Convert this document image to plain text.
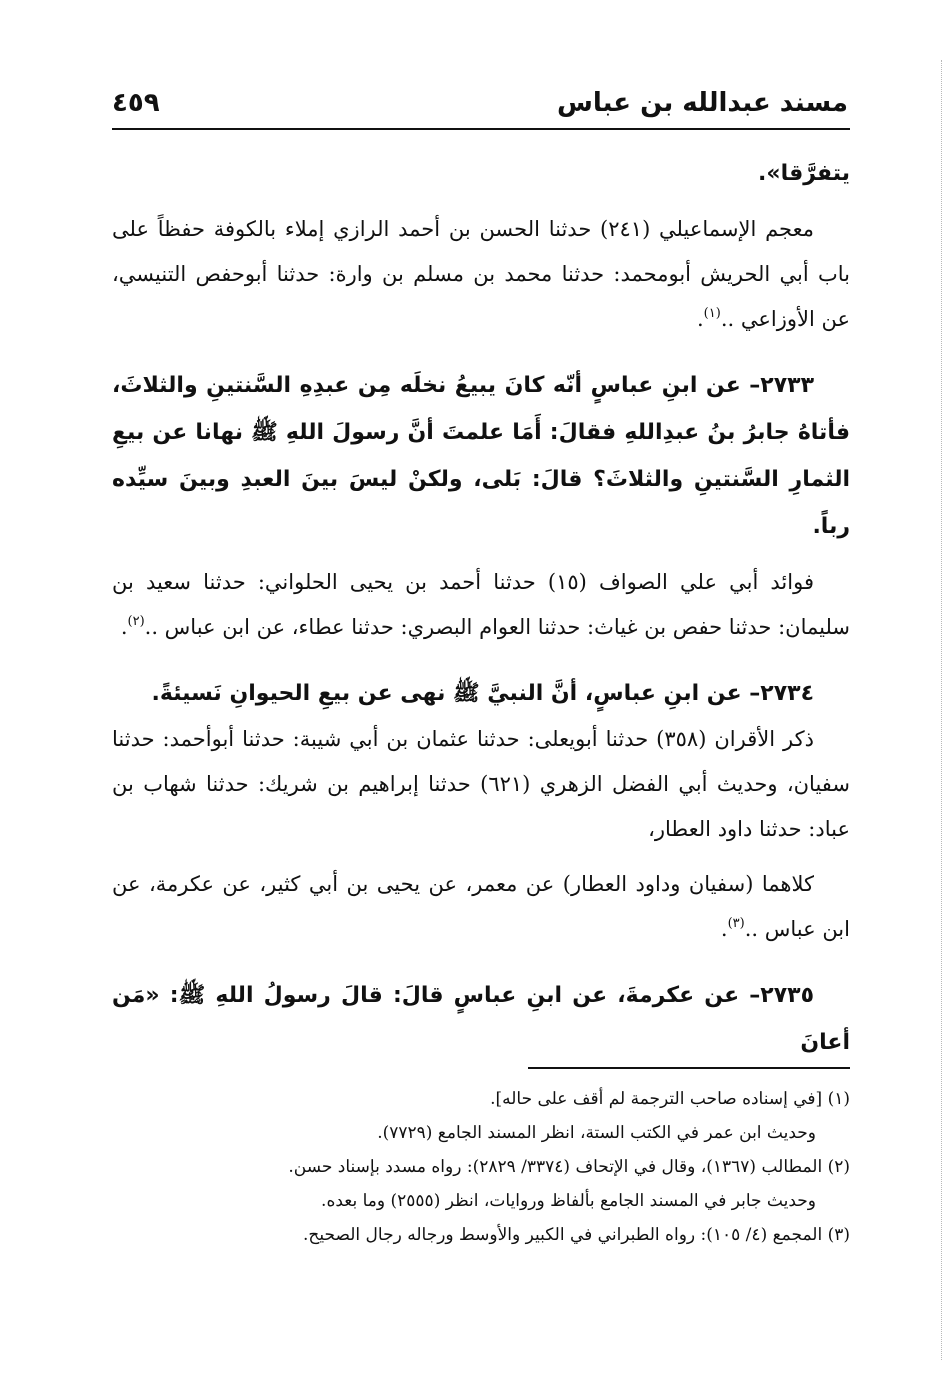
مسند عبدالله بن عباس
٤٥٩

يتفرَّقا».

معجم الإسماعيلي (٢٤١) حدثنا الحسن بن أحمد الرازي إملاء بالكوفة حفظاً على باب أبي الحريش أبومحمد: حدثنا محمد بن مسلم بن وارة: حدثنا أبوحفص التنيسي، عن الأوزاعي ..$^{(١)}$.

٢٧٣٣– عن ابنِ عباسٍ أنّه كانَ يبيعُ نخلَه مِن عبدِهِ السَّنتينِ والثلاثَ، فأتاهُ جابرُ بنُ عبدِاللهِ فقالَ: أَمَا علمتَ أنَّ رسولَ اللهِ ﷺ نهانا عن بيعِ الثمارِ السَّنتينِ والثلاثَ؟ قالَ: بَلى، ولكنْ ليسَ بينَ العبدِ وبينَ سيِّده رباً.

فوائد أبي علي الصواف (١٥) حدثنا أحمد بن يحيى الحلواني: حدثنا سعيد بن سليمان: حدثنا حفص بن غياث: حدثنا العوام البصري: حدثنا عطاء، عن ابن عباس ..$^{(٢)}$.

٢٧٣٤– عن ابنِ عباسٍ، أنَّ النبيَّ ﷺ نهى عن بيعِ الحيوانِ نَسيئةً.

ذكر الأقران (٣٥٨) حدثنا أبويعلى: حدثنا عثمان بن أبي شيبة: حدثنا أبوأحمد: حدثنا سفيان، وحديث أبي الفضل الزهري (٦٢١) حدثنا إبراهيم بن شريك: حدثنا شهاب بن عباد: حدثنا داود العطار،

كلاهما (سفيان وداود العطار) عن معمر، عن يحيى بن أبي كثير، عن عكرمة، عن ابن عباس ..$^{(٣)}$.

٢٧٣٥– عن عكرمةَ، عن ابنِ عباسٍ قالَ: قالَ رسولُ اللهِ ﷺ: «مَن أعانَ

(١) [في إسناده صاحب الترجمة لم أقف على حاله].

وحديث ابن عمر في الكتب الستة، انظر المسند الجامع (٧٧٢٩).

(٢) المطالب (١٣٦٧)، وقال في الإتحاف (٣٣٧٤/ ٢٨٢٩): رواه مسدد بإسناد حسن.

وحديث جابر في المسند الجامع بألفاظ وروايات، انظر (٢٥٥٥) وما بعده.

(٣) المجمع (٤/ ١٠٥): رواه الطبراني في الكبير والأوسط ورجاله رجال الصحيح.
